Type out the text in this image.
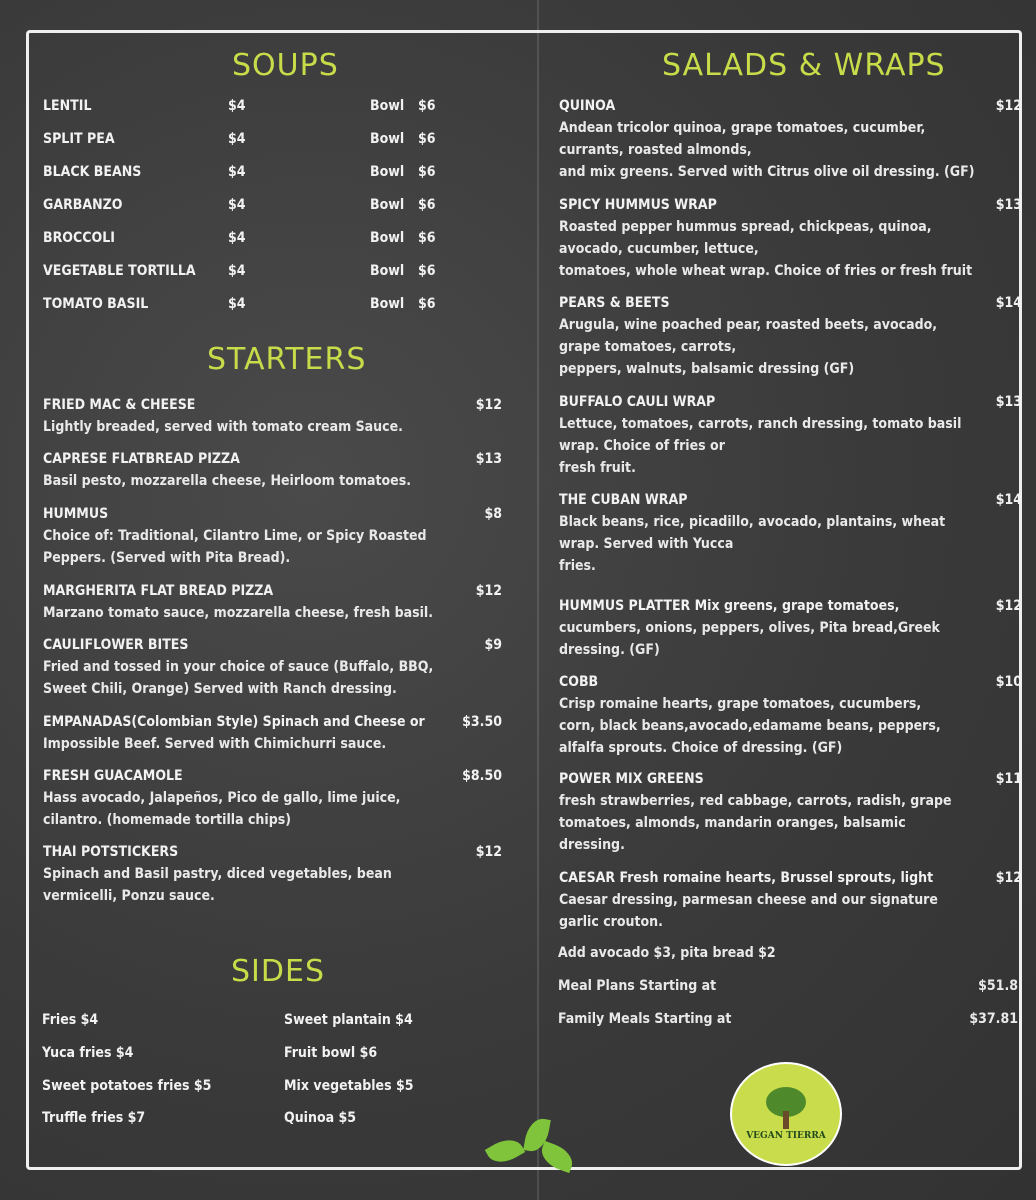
SOUPS
LENTIL	$4	Bowl $6
SPLIT PEA	$4	Bowl $6
BLACK BEANS	$4	Bowl $6
GARBANZO	$4	Bowl $6
BROCCOLI	$4	Bowl $6
VEGETABLE TORTILLA $4	Bowl $6
TOMATO BASIL	$4	Bowl $6
STARTERS
FRIED MAC & CHEESE	$12
Lightly breaded, served with tomato cream Sauce.
CAPRESE FLATBREAD PIZZA	$13
Basil pesto, mozzarella cheese, Heirloom tomatoes.
HUMMUS	$8
Choice of: Traditional, Cilantro Lime, or Spicy Roasted
Peppers. (Served with Pita Bread).
MARGHERITA FLAT BREAD PIZZA	$12
Marzano tomato sauce, mozzarella cheese, fresh basil.
CAULIFLOWER BITES	$9
Fried and tossed in your choice of sauce (Buffalo, BBQ,
Sweet Chili, Orange) Served with Ranch dressing.
EMPANADAS(Colombian Style) Spinach and Cheese or	$3.50
Impossible Beef. Served with Chimichurri sauce.
FRESH GUACAMOLE	$8.50
Hass avocado, Jalapeños, Pico de gallo, lime juice,
cilantro. (homemade tortilla chips)
THAI POTSTICKERS	$12
Spinach and Basil pastry, diced vegetables, bean
vermicelli, Ponzu sauce.
SIDES
Fries $4
Yuca fries $4
Sweet potatoes fries $5
Truffle fries $7
Sweet plantain $4
Fruit bowl $6
Mix vegetables $5
Quinoa $5
SALADS & WRAPS
QUINOA	$12
Andean tricolor quinoa, grape tomatoes, cucumber,
currants, roasted almonds,
and mix greens. Served with Citrus olive oil dressing. (GF)
SPICY HUMMUS WRAP	$13
Roasted pepper hummus spread, chickpeas, quinoa,
avocado, cucumber, lettuce,
tomatoes, whole wheat wrap. Choice of fries or fresh fruit
PEARS & BEETS	$14
Arugula, wine poached pear, roasted beets, avocado,
grape tomatoes, carrots,
peppers, walnuts, balsamic dressing (GF)
BUFFALO CAULI WRAP	$13
Lettuce, tomatoes, carrots, ranch dressing, tomato basil
wrap. Choice of fries or
fresh fruit.
THE CUBAN WRAP	$14
Black beans, rice, picadillo, avocado, plantains, wheat
wrap. Served with Yucca
fries.
HUMMUS PLATTER Mix greens, grape tomatoes,	$12
cucumbers, onions, peppers, olives, Pita bread,Greek
dressing. (GF)
COBB	$10
Crisp romaine hearts, grape tomatoes, cucumbers,
corn, black beans,avocado,edamame beans, peppers,
alfalfa sprouts. Choice of dressing. (GF)
POWER MIX GREENS	$11
fresh strawberries, red cabbage, carrots, radish, grape
tomatoes, almonds, mandarin oranges, balsamic
dressing.
CAESAR Fresh romaine hearts, Brussel sprouts, light	$12
Caesar dressing, parmesan cheese and our signature
garlic crouton.
Add avocado $3, pita bread $2
Meal Plans Starting at	$51.8
Family Meals Starting at	$37.81
VEGAN TIERRA
